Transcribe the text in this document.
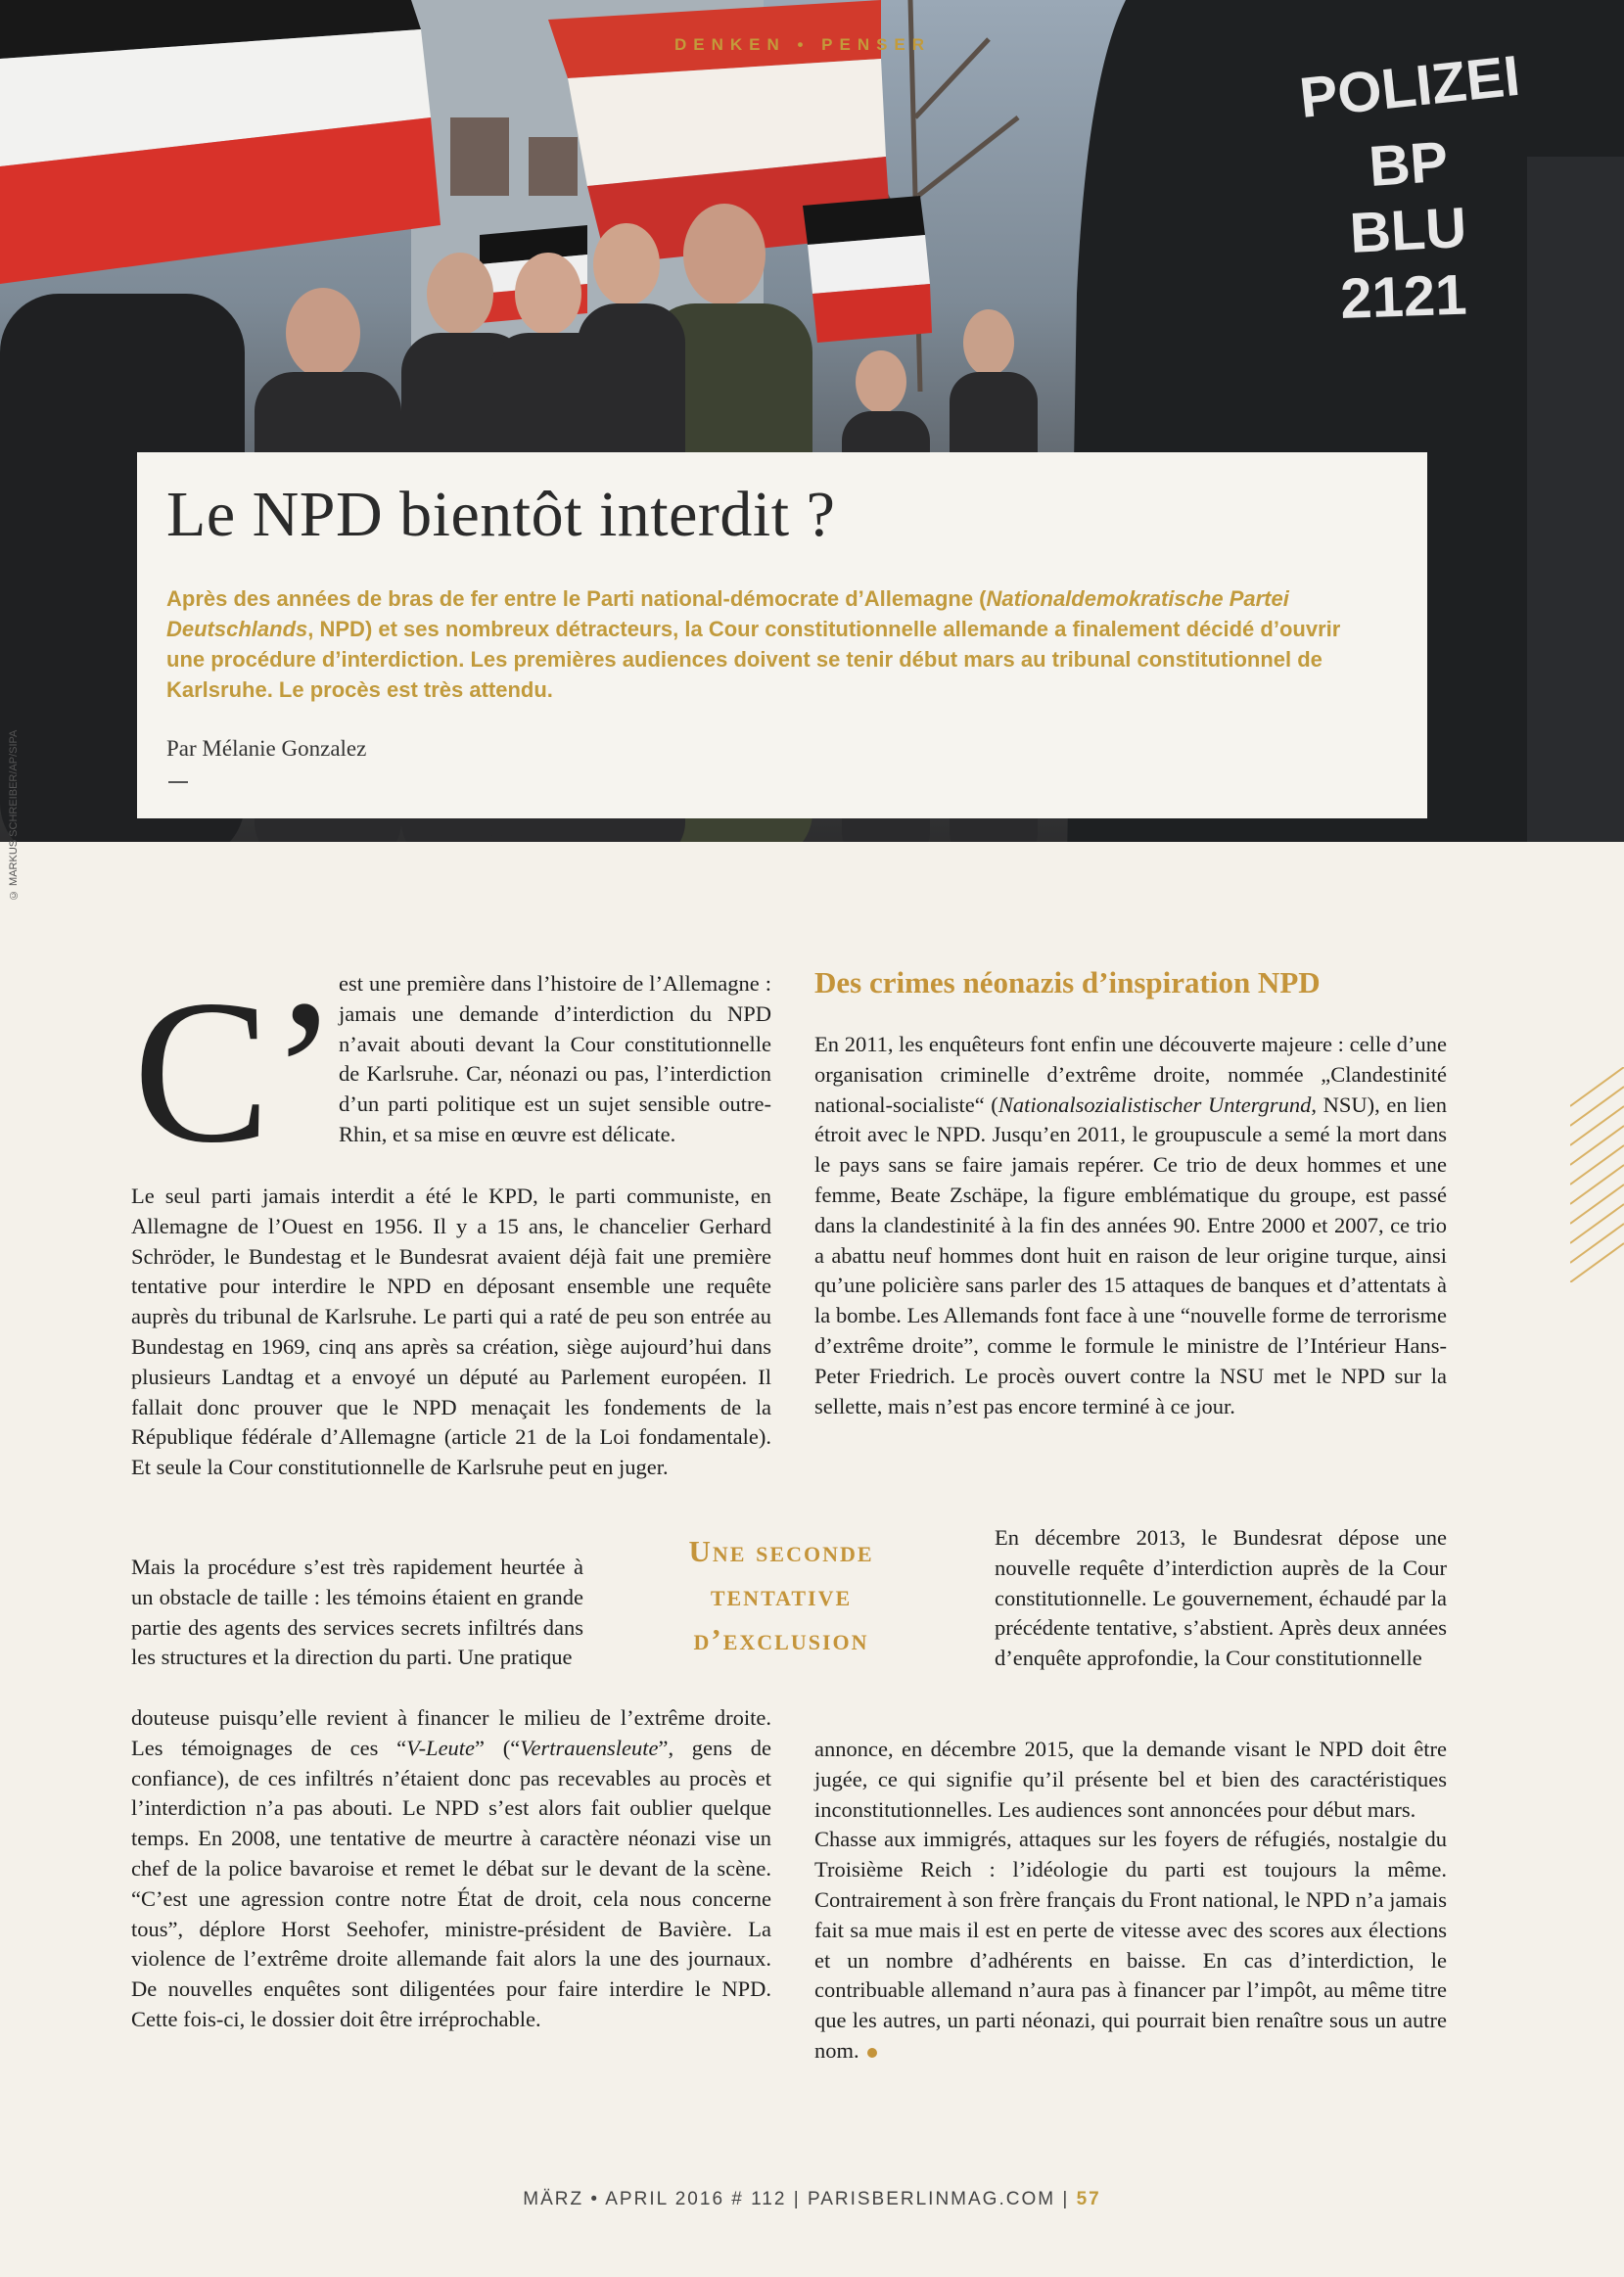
POLIZEI
BP
BLU
2121
DENKEN • PENSER
© MARKUS SCHREIBER/AP/SIPA
Le NPD bientôt interdit ?

Après des années de bras de fer entre le Parti national-démocrate d’Allemagne (Nationaldemokratische Partei Deutschlands, NPD) et ses nombreux détracteurs, la Cour constitutionnelle allemande a finalement décidé d’ouvrir une procédure d’interdiction. Les premières audiences doivent se tenir début mars au tribunal constitutionnel de Karlsruhe. Le procès est très attendu.

Par Mélanie Gonzalez
C’ est une première dans l’histoire de l’Allemagne : jamais une demande d’interdiction du NPD n’avait abouti devant la Cour constitutionnelle de Karlsruhe. Car, néonazi ou pas, l’interdiction d’un parti politique est un sujet sensible outre-Rhin, et sa mise en œuvre est délicate.

Le seul parti jamais interdit a été le KPD, le parti communiste, en Allemagne de l’Ouest en 1956. Il y a 15 ans, le chancelier Gerhard Schröder, le Bundestag et le Bundesrat avaient déjà fait une première tentative pour interdire le NPD en déposant ensemble une requête auprès du tribunal de Karlsruhe. Le parti qui a raté de peu son entrée au Bundestag en 1969, cinq ans après sa création, siège aujourd’hui dans plusieurs Landtag et a envoyé un député au Parlement européen. Il fallait donc prouver que le NPD menaçait les fondements de la République fédérale d’Allemagne (article 21 de la Loi fondamentale). Et seule la Cour constitutionnelle de Karlsruhe peut en juger.

Mais la procédure s’est très rapidement heurtée à un obstacle de taille : les témoins étaient en grande partie des agents des services secrets infiltrés dans les structures et la direction du parti. Une pratique

douteuse puisqu’elle revient à financer le milieu de l’extrême droite. Les témoignages de ces “V-Leute” (“Vertrauensleute”, gens de confiance), de ces infiltrés n’étaient donc pas recevables au procès et l’interdiction n’a pas abouti. Le NPD s’est alors fait oublier quelque temps. En 2008, une tentative de meurtre à caractère néonazi vise un chef de la police bavaroise et remet le débat sur le devant de la scène. “C’est une agression contre notre État de droit, cela nous concerne tous”, déplore Horst Seehofer, ministre-président de Bavière. La violence de l’extrême droite allemande fait alors la une des journaux. De nouvelles enquêtes sont diligentées pour faire interdire le NPD. Cette fois-ci, le dossier doit être irréprochable.

Une seconde tentative d’exclusion
Des crimes néonazis d’inspiration NPD

En 2011, les enquêteurs font enfin une découverte majeure : celle d’une organisation criminelle d’extrême droite, nommée „Clandestinité national-socialiste“ (Nationalsozialistischer Untergrund, NSU), en lien étroit avec le NPD. Jusqu’en 2011, le groupuscule a semé la mort dans le pays sans se faire jamais repérer. Ce trio de deux hommes et une femme, Beate Zschäpe, la figure emblématique du groupe, est passé dans la clandestinité à la fin des années 90. Entre 2000 et 2007, ce trio a abattu neuf hommes dont huit en raison de leur origine turque, ainsi qu’une policière sans parler des 15 attaques de banques et d’attentats à la bombe. Les Allemands font face à une “nouvelle forme de terrorisme d’extrême droite”, comme le formule le ministre de l’Intérieur Hans-Peter Friedrich. Le procès ouvert contre la NSU met le NPD sur la sellette, mais n’est pas encore terminé à ce jour.

En décembre 2013, le Bundesrat dépose une nouvelle requête d’interdiction auprès de la Cour constitutionnelle. Le gouvernement, échaudé par la précédente tentative, s’abstient. Après deux années d’enquête approfondie, la Cour constitutionnelle

annonce, en décembre 2015, que la demande visant le NPD doit être jugée, ce qui signifie qu’il présente bel et bien des caractéristiques inconstitutionnelles. Les audiences sont annoncées pour début mars.

Chasse aux immigrés, attaques sur les foyers de réfugiés, nostalgie du Troisième Reich : l’idéologie du parti est toujours la même. Contrairement à son frère français du Front national, le NPD n’a jamais fait sa mue mais il est en perte de vitesse avec des scores aux élections et un nombre d’adhérents en baisse. En cas d’interdiction, le contribuable allemand n’aura pas à financer par l’impôt, au même titre que les autres, un parti néonazi, qui pourrait bien renaître sous un autre nom.

MÄRZ • APRIL 2016 # 112 | PARISBERLINMAG.COM | 57
